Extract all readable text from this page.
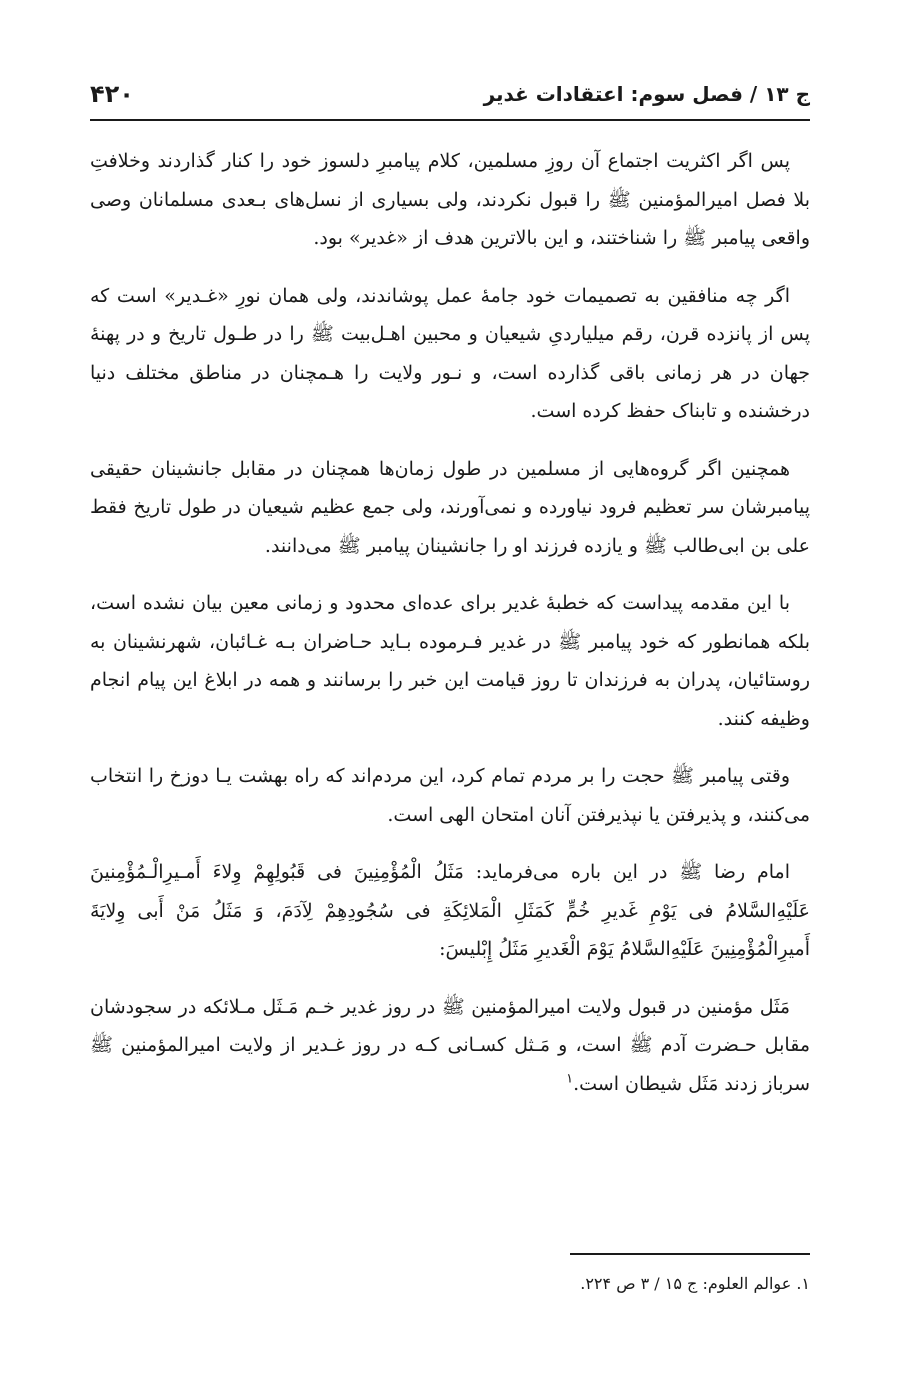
۴۲۰	ج ۱۳ / فصل سوم: اعتقادات غدیر

پس اگر اکثریت اجتماع آن روزِ مسلمین، کلام پیامبرِ دلسوز خود را کنار گذاردند وخلافتِ بلا فصل امیرالمؤمنین ﷺ را قبول نکردند، ولی بسیاری از نسل‌های بـعدی مسلمانان وصی واقعی پیامبر ﷺ را شناختند، و این بالاترین هدف از «غدیر» بود.

اگر چه منافقین به تصمیمات خود جامهٔ عمل پوشاندند، ولی همان نورِ «غـدیر» است که پس از پانزده قرن، رقم میلیاردیِ شیعیان و محبین اهـل‌بیت ﷺ را در طـول تاریخ و در پهنهٔ جهان در هر زمانی باقی گذارده است، و نـور ولایت را هـمچنان در مناطق مختلف دنیا درخشنده و تابناک حفظ کرده است.

همچنین اگر گروه‌هایی از مسلمین در طول زمان‌ها همچنان در مقابل جانشینان حقیقی پیامبرشان سر تعظیم فرود نیاورده و نمی‌آورند، ولی جمع عظیم شیعیان در طول تاریخ فقط علی بن ابی‌طالب ﷺ و یازده فرزند او را جانشینان پیامبر ﷺ می‌دانند.

با این مقدمه پیداست که خطبهٔ غدیر برای عده‌ای محدود و زمانی معین بیان نشده است، بلکه همانطور که خود پیامبر ﷺ در غدیر فـرموده بـاید حـاضران بـه غـائبان، شهرنشینان به روستائیان، پدران به فرزندان تا روز قیامت این خبر را برسانند و همه در ابلاغ این پیام انجام وظیفه کنند.

وقتی پیامبر ﷺ حجت را بر مردم تمام کرد، این مردم‌اند که راه بهشت یـا دوزخ را انتخاب می‌کنند، و پذیرفتن یا نپذیرفتن آنان امتحان الهی است.

امام رضا ﷺ در این باره می‌فرماید: مَثَلُ الْمُؤْمِنِینَ فی قَبُولِهِمْ وِلاءَ أَمـیرِالْـمُؤْمِنینَ عَلَیْهِ‌السَّلامُ فی یَوْمِ غَدیرِ خُمٍّ کَمَثَلِ الْمَلائِکَةِ فی سُجُودِهِمْ لِآدَمَ، وَ مَثَلُ مَنْ أَبی وِلایَةَ أَمیرِالْمُؤْمِنِینَ عَلَیْهِ‌السَّلامُ یَوْمَ الْغَدیرِ مَثَلُ إِبْلیسَ:

مَثَل مؤمنین در قبول ولایت امیرالمؤمنین ﷺ در روز غدیر خـم مَـثَل مـلائکه در سجودشان مقابل حـضرت آدم ﷺ است، و مَـثل کسـانی کـه در روز غـدیر از ولایت امیرالمؤمنین ﷺ سرباز زدند مَثَل شیطان است.$^۱$

۱. عوالم العلوم: ج ۱۵ / ۳ ص ۲۲۴.
